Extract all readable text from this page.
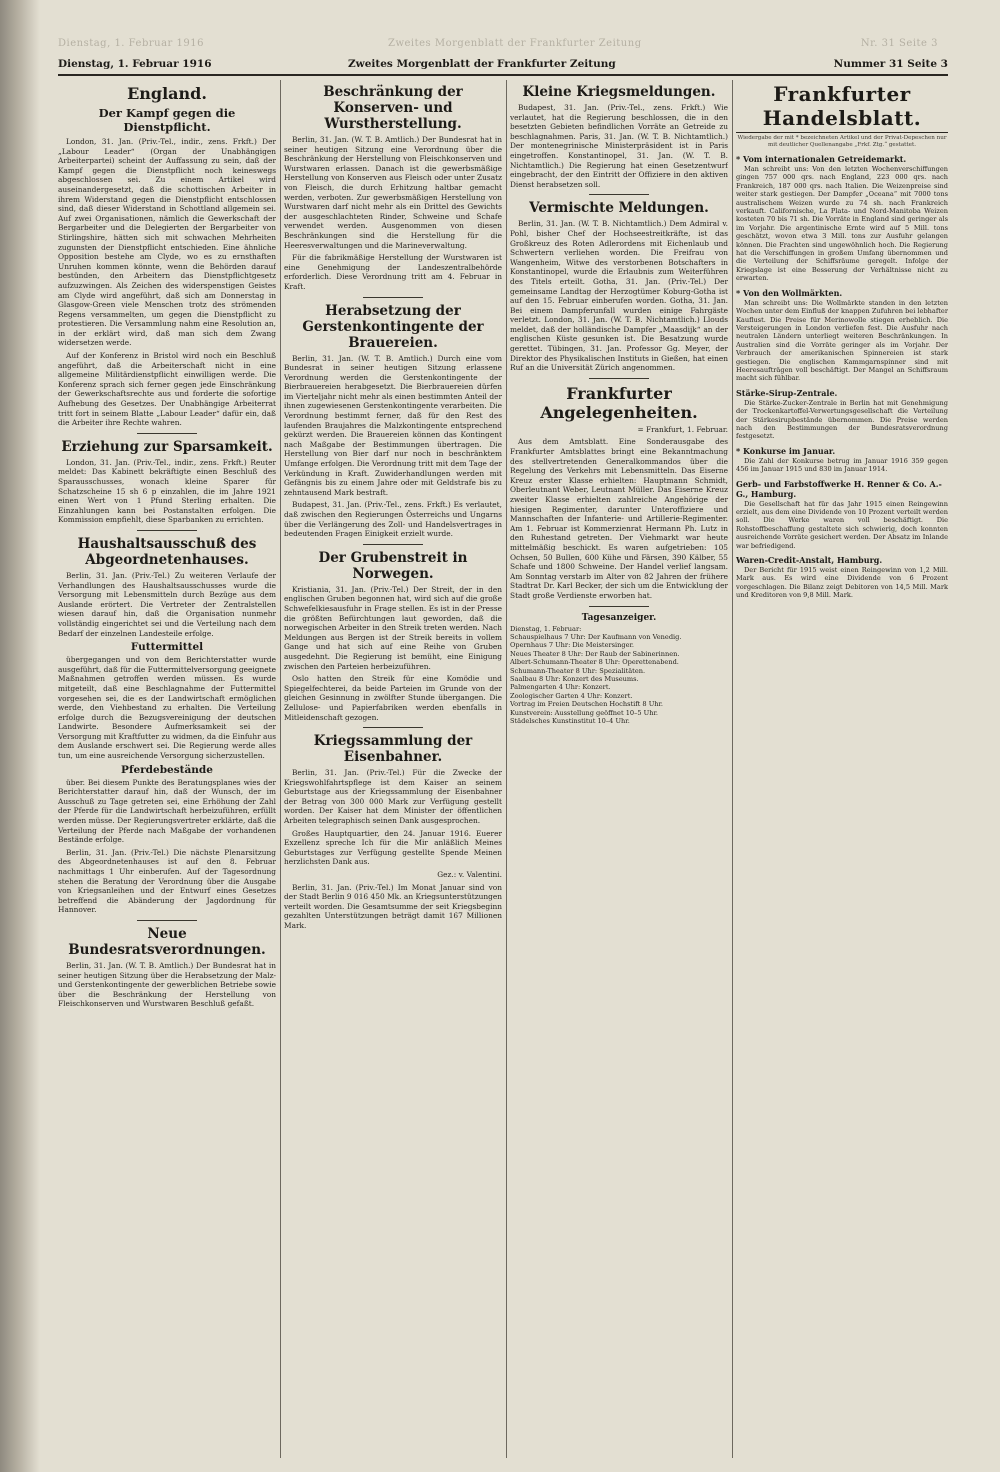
Dienstag, 1. Februar 1916	Zweites Morgenblatt der Frankfurter Zeitung	Nr. 31 Seite 3
Dienstag, 1. Februar 1916	Zweites Morgenblatt der Frankfurter Zeitung	Nummer 31 Seite 3
England.
Der Kampf gegen die Dienstpflicht.

London, 31. Jan. (Priv.-Tel., indir., zens. Frkft.) Der „Labour Leader“ (Organ der Unabhängigen Arbeiterpartei) scheint der Auffassung zu sein, daß der Kampf gegen die Dienstpflicht noch keineswegs abgeschlossen sei. Zu einem Artikel wird auseinandergesetzt, daß die schottischen Arbeiter in ihrem Widerstand gegen die Dienstpflicht entschlossen sind, daß dieser Widerstand in Schottland allgemein sei. Auf zwei Organisationen, nämlich die Gewerkschaft der Bergarbeiter und die Delegierten der Bergarbeiter von Stirlingshire, hätten sich mit schwachen Mehrheiten zugunsten der Dienstpflicht entschieden. Eine ähnliche Opposition bestehe am Clyde, wo es zu ernsthaften Unruhen kommen könnte, wenn die Behörden darauf bestünden, den Arbeitern das Dienstpflichtgesetz aufzuzwingen. Als Zeichen des widerspenstigen Geistes am Clyde wird angeführt, daß sich am Donnerstag in Glasgow-Green viele Menschen trotz des strömenden Regens versammelten, um gegen die Dienstpflicht zu protestieren. Die Versammlung nahm eine Resolution an, in der erklärt wird, daß man sich dem Zwang widersetzen werde.

Auf der Konferenz in Bristol wird noch ein Beschluß angeführt, daß die Arbeiterschaft nicht in eine allgemeine Militärdienstpflicht einwilligen werde. Die Konferenz sprach sich ferner gegen jede Einschränkung der Gewerkschaftsrechte aus und forderte die sofortige Aufhebung des Gesetzes. Der Unabhängige Arbeiterrat tritt fort in seinem Blatte „Labour Leader“ dafür ein, daß die Arbeiter ihre Rechte wahren.

Erziehung zur Sparsamkeit.

London, 31. Jan. (Priv.-Tel., indir., zens. Frkft.) Reuter meldet: Das Kabinett bekräftigte einen Beschluß des Sparausschusses, wonach kleine Sparer für Schatzscheine 15 sh 6 p einzahlen, die im Jahre 1921 einen Wert von 1 Pfund Sterling erhalten. Die Einzahlungen kann bei Postanstalten erfolgen. Die Kommission empfiehlt, diese Sparbanken zu errichten.

Haushaltsausschuß des Abgeordnetenhauses.

Berlin, 31. Jan. (Priv.-Tel.) Zu weiteren Verlaufe der Verhandlungen des Haushaltsausschusses wurde die Versorgung mit Lebensmitteln durch Bezüge aus dem Auslande erörtert. Die Vertreter der Zentralstellen wiesen darauf hin, daß die Organisation nunmehr vollständig eingerichtet sei und die Verteilung nach dem Bedarf der einzelnen Landesteile erfolge.

Futtermittel

übergegangen und von dem Berichterstatter wurde ausgeführt, daß für die Futtermittelversorgung geeignete Maßnahmen getroffen werden müssen. Es wurde mitgeteilt, daß eine Beschlagnahme der Futtermittel vorgesehen sei, die es der Landwirtschaft ermöglichen werde, den Viehbestand zu erhalten. Die Verteilung erfolge durch die Bezugsvereinigung der deutschen Landwirte. Besondere Aufmerksamkeit sei der Versorgung mit Kraftfutter zu widmen, da die Einfuhr aus dem Auslande erschwert sei. Die Regierung werde alles tun, um eine ausreichende Versorgung sicherzustellen.

Pferdebestände

über. Bei diesem Punkte des Beratungsplanes wies der Berichterstatter darauf hin, daß der Wunsch, der im Ausschuß zu Tage getreten sei, eine Erhöhung der Zahl der Pferde für die Landwirtschaft herbeizuführen, erfüllt werden müsse. Der Regierungsvertreter erklärte, daß die Verteilung der Pferde nach Maßgabe der vorhandenen Bestände erfolge.

Berlin, 31. Jan. (Priv.-Tel.) Die nächste Plenarsitzung des Abgeordnetenhauses ist auf den 8. Februar nachmittags 1 Uhr einberufen. Auf der Tagesordnung stehen die Beratung der Verordnung über die Ausgabe von Kriegsanleihen und der Entwurf eines Gesetzes betreffend die Abänderung der Jagdordnung für Hannover.

Neue Bundesratsverordnungen.

Berlin, 31. Jan. (W. T. B. Amtlich.) Der Bundesrat hat in seiner heutigen Sitzung über die Herabsetzung der Malz- und Gerstenkontingente der gewerblichen Betriebe sowie über die Beschränkung der Herstellung von Fleischkonserven und Wurstwaren Beschluß gefaßt.

Beschränkung der Konserven- und Wurstherstellung.

Berlin, 31. Jan. (W. T. B. Amtlich.) Der Bundesrat hat in seiner heutigen Sitzung eine Verordnung über die Beschränkung der Herstellung von Fleischkonserven und Wurstwaren erlassen. Danach ist die gewerbsmäßige Herstellung von Konserven aus Fleisch oder unter Zusatz von Fleisch, die durch Erhitzung haltbar gemacht werden, verboten. Zur gewerbsmäßigen Herstellung von Wurstwaren darf nicht mehr als ein Drittel des Gewichts der ausgeschlachteten Rinder, Schweine und Schafe verwendet werden. Ausgenommen von diesen Beschränkungen sind die Herstellung für die Heeresverwaltungen und die Marineverwaltung.

Für die fabrikmäßige Herstellung der Wurstwaren ist eine Genehmigung der Landeszentralbehörde erforderlich. Diese Verordnung tritt am 4. Februar in Kraft.

Herabsetzung der Gerstenkontingente der Brauereien.

Berlin, 31. Jan. (W. T. B. Amtlich.) Durch eine vom Bundesrat in seiner heutigen Sitzung erlassene Verordnung werden die Gerstenkontingente der Bierbrauereien herabgesetzt. Die Bierbrauereien dürfen im Vierteljahr nicht mehr als einen bestimmten Anteil der ihnen zugewiesenen Gerstenkontingente verarbeiten. Die Verordnung bestimmt ferner, daß für den Rest des laufenden Braujahres die Malzkontingente entsprechend gekürzt werden. Die Brauereien können das Kontingent nach Maßgabe der Bestimmungen übertragen. Die Herstellung von Bier darf nur noch in beschränktem Umfange erfolgen. Die Verordnung tritt mit dem Tage der Verkündung in Kraft. Zuwiderhandlungen werden mit Gefängnis bis zu einem Jahre oder mit Geldstrafe bis zu zehntausend Mark bestraft.

Budapest, 31. Jan. (Priv.-Tel., zens. Frkft.) Es verlautet, daß zwischen den Regierungen Österreichs und Ungarns über die Verlängerung des Zoll- und Handelsvertrages in bedeutenden Fragen Einigkeit erzielt wurde.

Der Grubenstreit in Norwegen.

Kristiania, 31. Jan. (Priv.-Tel.) Der Streit, der in den englischen Gruben begonnen hat, wird sich auf die große Schwefelkiesausfuhr in Frage stellen. Es ist in der Presse die größten Befürchtungen laut geworden, daß die norwegischen Arbeiter in den Streik treten werden. Nach Meldungen aus Bergen ist der Streik bereits in vollem Gange und hat sich auf eine Reihe von Gruben ausgedehnt. Die Regierung ist bemüht, eine Einigung zwischen den Parteien herbeizuführen.

Oslo hatten den Streik für eine Komödie und Spiegelfechterei, da beide Parteien im Grunde von der gleichen Gesinnung in zwölfter Stunde übergangen. Die Zellulose- und Papierfabriken werden ebenfalls in Mitleidenschaft gezogen.

Kriegssammlung der Eisenbahner.

Berlin, 31. Jan. (Priv.-Tel.) Für die Zwecke der Kriegswohlfahrtspflege ist dem Kaiser an seinem Geburtstage aus der Kriegssammlung der Eisenbahner der Betrag von 300 000 Mark zur Verfügung gestellt worden. Der Kaiser hat dem Minister der öffentlichen Arbeiten telegraphisch seinen Dank ausgesprochen.

Großes Hauptquartier, den 24. Januar 1916. Euerer Exzellenz spreche Ich für die Mir anläßlich Meines Geburtstages zur Verfügung gestellte Spende Meinen herzlichsten Dank aus.

Gez.: v. Valentini.

Berlin, 31. Jan. (Priv.-Tel.) Im Monat Januar sind von der Stadt Berlin 9 016 450 Mk. an Kriegsunterstützungen verteilt worden. Die Gesamtsumme der seit Kriegsbeginn gezahlten Unterstützungen beträgt damit 167 Millionen Mark.

Kleine Kriegsmeldungen.

Budapest, 31. Jan. (Priv.-Tel., zens. Frkft.) Wie verlautet, hat die Regierung beschlossen, die in den besetzten Gebieten befindlichen Vorräte an Getreide zu beschlagnahmen. Paris, 31. Jan. (W. T. B. Nichtamtlich.) Der montenegrinische Ministerpräsident ist in Paris eingetroffen. Konstantinopel, 31. Jan. (W. T. B. Nichtamtlich.) Die Regierung hat einen Gesetzentwurf eingebracht, der den Eintritt der Offiziere in den aktiven Dienst herabsetzen soll.

Vermischte Meldungen.

Berlin, 31. Jan. (W. T. B. Nichtamtlich.) Dem Admiral v. Pohl, bisher Chef der Hochseestreitkräfte, ist das Großkreuz des Roten Adlerordens mit Eichenlaub und Schwertern verliehen worden. Die Freifrau von Wangenheim, Witwe des verstorbenen Botschafters in Konstantinopel, wurde die Erlaubnis zum Weiterführen des Titels erteilt. Gotha, 31. Jan. (Priv.-Tel.) Der gemeinsame Landtag der Herzogtümer Koburg-Gotha ist auf den 15. Februar einberufen worden. Gotha, 31. Jan. Bei einem Dampferunfall wurden einige Fahrgäste verletzt. London, 31. Jan. (W. T. B. Nichtamtlich.) Llouds meldet, daß der holländische Dampfer „Maasdijk“ an der englischen Küste gesunken ist. Die Besatzung wurde gerettet. Tübingen, 31. Jan. Professor Gg. Meyer, der Direktor des Physikalischen Instituts in Gießen, hat einen Ruf an die Universität Zürich angenommen.

Frankfurter Angelegenheiten.

= Frankfurt, 1. Februar.

Aus dem Amtsblatt. Eine Sonderausgabe des Frankfurter Amtsblattes bringt eine Bekanntmachung des stellvertretenden Generalkommandos über die Regelung des Verkehrs mit Lebensmitteln. Das Eiserne Kreuz erster Klasse erhielten: Hauptmann Schmidt, Oberleutnant Weber, Leutnant Müller. Das Eiserne Kreuz zweiter Klasse erhielten zahlreiche Angehörige der hiesigen Regimenter, darunter Unteroffiziere und Mannschaften der Infanterie- und Artillerie-Regimenter. Am 1. Februar ist Kommerzienrat Hermann Ph. Lutz in den Ruhestand getreten. Der Viehmarkt war heute mittelmäßig beschickt. Es waren aufgetrieben: 105 Ochsen, 50 Bullen, 600 Kühe und Färsen, 390 Kälber, 55 Schafe und 1800 Schweine. Der Handel verlief langsam. Am Sonntag verstarb im Alter von 82 Jahren der frühere Stadtrat Dr. Karl Becker, der sich um die Entwicklung der Stadt große Verdienste erworben hat.

Tagesanzeiger.
Dienstag, 1. Februar:
Schauspielhaus 7 Uhr: Der Kaufmann von Venedig.
Opernhaus 7 Uhr: Die Meistersinger.
Neues Theater 8 Uhr: Der Raub der Sabinerinnen.
Albert-Schumann-Theater 8 Uhr: Operettenabend.
Schumann-Theater 8 Uhr: Spezialitäten.
Saalbau 8 Uhr: Konzert des Museums.
Palmengarten 4 Uhr: Konzert.
Zoologischer Garten 4 Uhr: Konzert.
Vortrag im Freien Deutschen Hochstift 8 Uhr.
Kunstverein: Ausstellung geöffnet 10–5 Uhr.
Städelsches Kunstinstitut 10–4 Uhr.
Frankfurter Handelsblatt.
Wiedergabe der mit * bezeichneten Artikel und der Privat-Depeschen nur mit deutlicher Quellenangabe „Frkf. Ztg.“ gestattet.
* Vom internationalen Getreidemarkt.

Man schreibt uns: Von den letzten Wochenverschiffungen gingen 757 000 qrs. nach England, 223 000 qrs. nach Frankreich, 187 000 qrs. nach Italien. Die Weizenpreise sind weiter stark gestiegen. Der Dampfer „Oceana“ mit 7000 tons australischem Weizen wurde zu 74 sh. nach Frankreich verkauft. Californische, La Plata- und Nord-Manitoba Weizen kosteten 70 bis 71 sh. Die Vorräte in England sind geringer als im Vorjahr. Die argentinische Ernte wird auf 5 Mill. tons geschätzt, wovon etwa 3 Mill. tons zur Ausfuhr gelangen können. Die Frachten sind ungewöhnlich hoch. Die Regierung hat die Verschiffungen in großem Umfang übernommen und die Verteilung der Schiffsräume geregelt. Infolge der Kriegslage ist eine Besserung der Verhältnisse nicht zu erwarten.

* Von den Wollmärkten.

Man schreibt uns: Die Wollmärkte standen in den letzten Wochen unter dem Einfluß der knappen Zufuhren bei lebhafter Kauflust. Die Preise für Merinowolle stiegen erheblich. Die Versteigerungen in London verliefen fest. Die Ausfuhr nach neutralen Ländern unterliegt weiteren Beschränkungen. In Australien sind die Vorräte geringer als im Vorjahr. Der Verbrauch der amerikanischen Spinnereien ist stark gestiegen. Die englischen Kammgarnspinner sind mit Heeresaufträgen voll beschäftigt. Der Mangel an Schiffsraum macht sich fühlbar.

Stärke-Sirup-Zentrale.

Die Stärke-Zucker-Zentrale in Berlin hat mit Genehmigung der Trockenkartoffel-Verwertungsgesellschaft die Verteilung der Stärkesirupbestände übernommen. Die Preise werden nach den Bestimmungen der Bundesratsverordnung festgesetzt.

* Konkurse im Januar.

Die Zahl der Konkurse betrug im Januar 1916 359 gegen 456 im Januar 1915 und 830 im Januar 1914.

Gerb- und Farbstoffwerke H. Renner & Co. A.-G., Hamburg.

Die Gesellschaft hat für das Jahr 1915 einen Reingewinn erzielt, aus dem eine Dividende von 10 Prozent verteilt werden soll. Die Werke waren voll beschäftigt. Die Rohstoffbeschaffung gestaltete sich schwierig, doch konnten ausreichende Vorräte gesichert werden. Der Absatz im Inlande war befriedigend.

Waren-Credit-Anstalt, Hamburg.

Der Bericht für 1915 weist einen Reingewinn von 1,2 Mill. Mark aus. Es wird eine Dividende von 6 Prozent vorgeschlagen. Die Bilanz zeigt Debitoren von 14,5 Mill. Mark und Kreditoren von 9,8 Mill. Mark.
